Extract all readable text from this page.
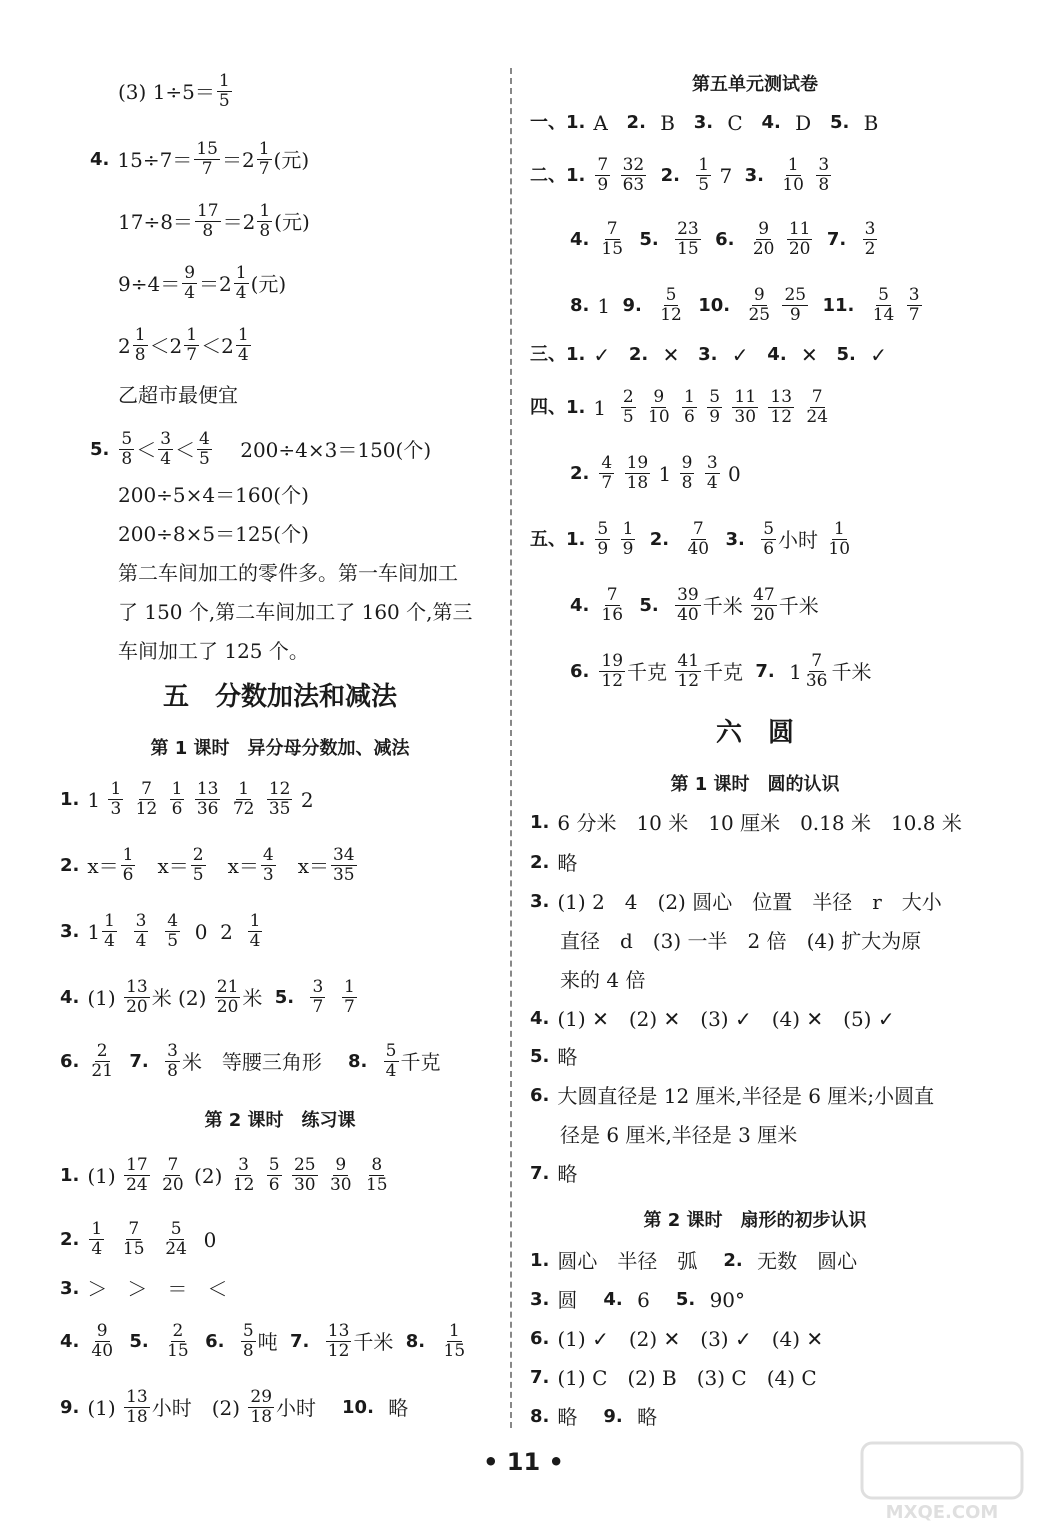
五　分数加法和减法
第 1 课时　异分母分数加、减法
第 2 课时　练习课
(3) $1\div 5= \frac{1}{5}$
4. $15\div 7= \frac{15}{7} =2 \frac{1}{7}$ (元)
$17\div 8= \frac{17}{8} =2 \frac{1}{8}$ (元)
$9\div 4= \frac{9}{4} =2 \frac{1}{4}$ (元)
$2 \frac{1}{8} <2 \frac{1}{7} <2 \frac{1}{4}$
乙超市最便宜
5. $\frac{5}{8} < \frac{3}{4} < \frac{4}{5}$ 　 200÷4×3＝150(个)
200÷5×4＝160(个)
200÷8×5＝125(个)
第二车间加工的零件多。第一车间加工
了 150 个,第二车间加工了 160 个,第三
车间加工了 125 个。
1. $1 \frac{1}{3}$
$\frac{7}{12}$
$\frac{1}{6}$
$\frac{13}{36}$
$\frac{1}{72}$
$\frac{12}{35} 2$
2. $x= \frac{1}{6}$ 　$x= \frac{2}{5}$ 　$x= \frac{4}{3}$ 　$x= \frac{34}{35}$
3. $1 \frac{1}{4}$
$\frac{3}{4}$
$\frac{4}{5} 0$  $2 \frac{1}{4}$
4. $(1) \frac{13}{20}$ 米 $(2) \frac{21}{20}$ 米 5.
$\frac{3}{7}$
$\frac{1}{7}$
6. $\frac{2}{21}$
7.
$\frac{3}{8}$ 米　等腰三角形　 8.
$\frac{5}{4}$ 千克
1. $(1) \frac{17}{24}$
$\frac{7}{20} (2) \frac{3}{12}$
$\frac{5}{6}$
$\frac{25}{30}$
$\frac{9}{30}$
$\frac{8}{15}$
2. $\frac{1}{4}$
$\frac{7}{15}$
$\frac{5}{24} 0$
3. ＞　＞　＝　＜
4. $\frac{9}{40}$
5.
$\frac{2}{15}$
6.
$\frac{5}{8}$ 吨 7.
$\frac{13}{12}$ 千米 8.
$\frac{1}{15}$
9. $(1) \frac{13}{18}$ 小时　$(2) \frac{29}{18}$ 小时　 10. 略
第五单元测试卷
六　圆
第 1 课时　圆的认识
第 2 课时　扇形的初步认识
一、1. A 2. B 3. C 4. D 5. B
二、1. $\frac{7}{9}$
$\frac{32}{63}$
2.
$\frac{1}{5} 7$ 3.
$\frac{1}{10}$
$\frac{3}{8}$
4. $\frac{7}{15}$
5.
$\frac{23}{15}$
6.
$\frac{9}{20}$
$\frac{11}{20}$
7.
$\frac{3}{2}$
8. 1 9.
$\frac{5}{12}$
10.
$\frac{9}{25}$
$\frac{25}{9}$
11.
$\frac{5}{14}$
$\frac{3}{7}$
三、1. ✓ 2. ✕ 3. ✓ 4. ✕ 5. ✓
四、1. $1 \frac{2}{5}$
$\frac{9}{10}$
$\frac{1}{6}$
$\frac{5}{9}$
$\frac{11}{30}$
$\frac{13}{12}$
$\frac{7}{24}$
2. $\frac{4}{7}$
$\frac{19}{18} 1 \frac{9}{8}$
$\frac{3}{4} 0$
五、1. $\frac{5}{9}$
$\frac{1}{9}$
2.
$\frac{7}{40}$
3.
$\frac{5}{6}$ 小时 $\frac{1}{10}$
4. $\frac{7}{16}$
5.
$\frac{39}{40}$ 千米 $\frac{47}{20}$ 千米
6. $\frac{19}{12}$ 千克 $\frac{41}{12}$ 千克 7. $1 \frac{7}{36}$ 千米
1. 6 分米　10 米　10 厘米　0.18 米　10.8 米
2. 略
3. (1) 2　4　(2) 圆心　位置　半径　r　大小
直径　d　(3) 一半　2 倍　(4) 扩大为原
来的 4 倍
4. (1) ✕　(2) ✕　(3) ✓　(4) ✕　(5) ✓
5. 略
6. 大圆直径是 12 厘米,半径是 6 厘米;小圆直
径是 6 厘米,半径是 3 厘米
7. 略
1. 圆心　半径　弧　 2. 无数　圆心
3. 圆　 4. 6　 5. 90°
6. (1) ✓　(2) ✕　(3) ✓　(4) ✕
7. (1) C　(2) B　(3) C　(4) C
8. 略　 9. 略
• 11 •
MXQE.COM
